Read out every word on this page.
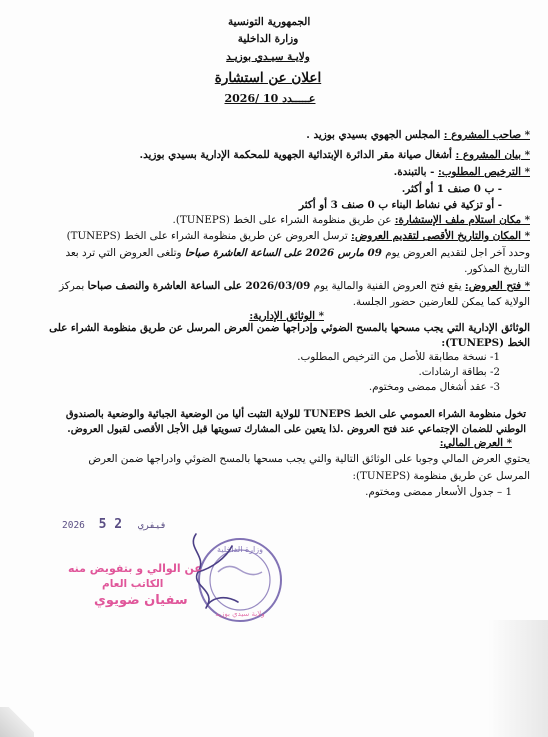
الجمهورية التونسية
وزارة الداخلية
ولايـة سيـدي بوزيـد
اعلان عن استشارة
عـــــدد 10 /2026
* صاحب المشروع : المجلس الجهوي بسيدي بوزيد .
* بيان المشروع : أشغال صيانة مقر الدائرة الإبتدائية الجهوية للمحكمة الإدارية بسيدي بوزيد.
* الترخيص المطلوب: - بالتبندة.
- ب 0 صنف 1 أو أكثر.
- أو تزكية في نشاط البناء ب 0 صنف 3 أو أكثر
* مكان استلام ملف الإستشارة: عن طريق منظومة الشراء على الخط (TUNEPS).
* المكان والتاريخ الأقصى لتقديم العروض: ترسل العروض عن طريق منظومة الشراء على الخط (TUNEPS)
وحدد آخر اجل لتقديم العروض يوم 09 مارس 2026 على الساعة العاشرة صباحا وتلغى العروض التي ترد بعد
التاريخ المذكور.
* فتح العروض: يقع فتح العروض الفنية والمالية يوم 2026/03/09 على الساعة العاشرة والنصف صباحا بمركز
الولاية كما يمكن للعارضين حضور الجلسة.
* الوثائق الإدارية:
الوثائق الإدارية التي يجب مسحها بالمسح الضوئي وإدراجها ضمن العرض المرسل عن طريق منظومة الشراء على
الخط (TUNEPS):
1- نسخة مطابقة للأصل من الترخيص المطلوب.
2- بطاقة ارشادات.
3- عقد أشغال ممضى ومختوم.
تخول منظومة الشراء العمومي على الخط TUNEPS للولاية التثبت أليا من الوضعية الجبائية والوضعية بالصندوق
الوطني للضمان الإجتماعي عند فتح العروض .لذا يتعين على المشارك تسويتها قبل الأجل الأقصى لقبول العروض.
* العرض المالي:
يحتوي العرض المالي وجوبا على الوثائق التالية والتي يجب مسحها بالمسح الضوئي وادراجها ضمن العرض
المرسل عن طريق منظومة (TUNEPS):
1 – جدول الأسعار ممضى ومختوم.
2026	فيفري 2 5
وزارة الداخلية
ولاية سيدي بوزيد
عن الوالي و بتفويض منه
الكاتب العام
سفيان ضويوي
